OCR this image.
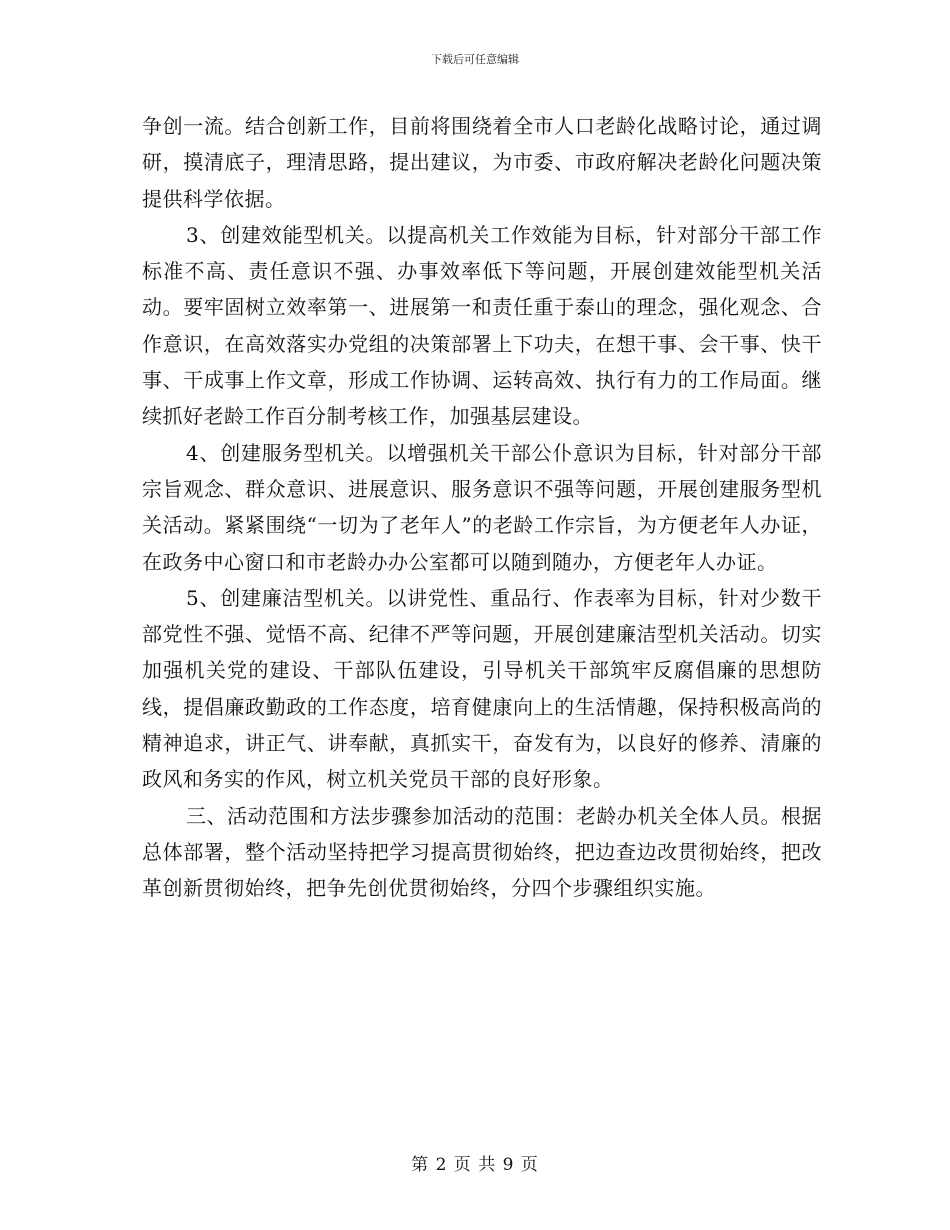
下载后可任意编辑

争创一流。结合创新工作，目前将围绕着全市人口老龄化战略讨论，通过调研，摸清底子，理清思路，提出建议，为市委、市政府解决老龄化问题决策提供科学依据。

3、创建效能型机关。以提高机关工作效能为目标，针对部分干部工作标准不高、责任意识不强、办事效率低下等问题，开展创建效能型机关活动。要牢固树立效率第一、进展第一和责任重于泰山的理念，强化观念、合作意识，在高效落实办党组的决策部署上下功夫，在想干事、会干事、快干事、干成事上作文章，形成工作协调、运转高效、执行有力的工作局面。继续抓好老龄工作百分制考核工作，加强基层建设。

4、创建服务型机关。以增强机关干部公仆意识为目标，针对部分干部宗旨观念、群众意识、进展意识、服务意识不强等问题，开展创建服务型机关活动。紧紧围绕“一切为了老年人”的老龄工作宗旨，为方便老年人办证，在政务中心窗口和市老龄办办公室都可以随到随办，方便老年人办证。

5、创建廉洁型机关。以讲党性、重品行、作表率为目标，针对少数干部党性不强、觉悟不高、纪律不严等问题，开展创建廉洁型机关活动。切实加强机关党的建设、干部队伍建设，引导机关干部筑牢反腐倡廉的思想防线，提倡廉政勤政的工作态度，培育健康向上的生活情趣，保持积极高尚的精神追求，讲正气、讲奉献，真抓实干，奋发有为，以良好的修养、清廉的政风和务实的作风，树立机关党员干部的良好形象。

三、活动范围和方法步骤参加活动的范围：老龄办机关全体人员。根据总体部署，整个活动坚持把学习提高贯彻始终，把边查边改贯彻始终，把改革创新贯彻始终，把争先创优贯彻始终，分四个步骤组织实施。

第 2 页 共 9 页
